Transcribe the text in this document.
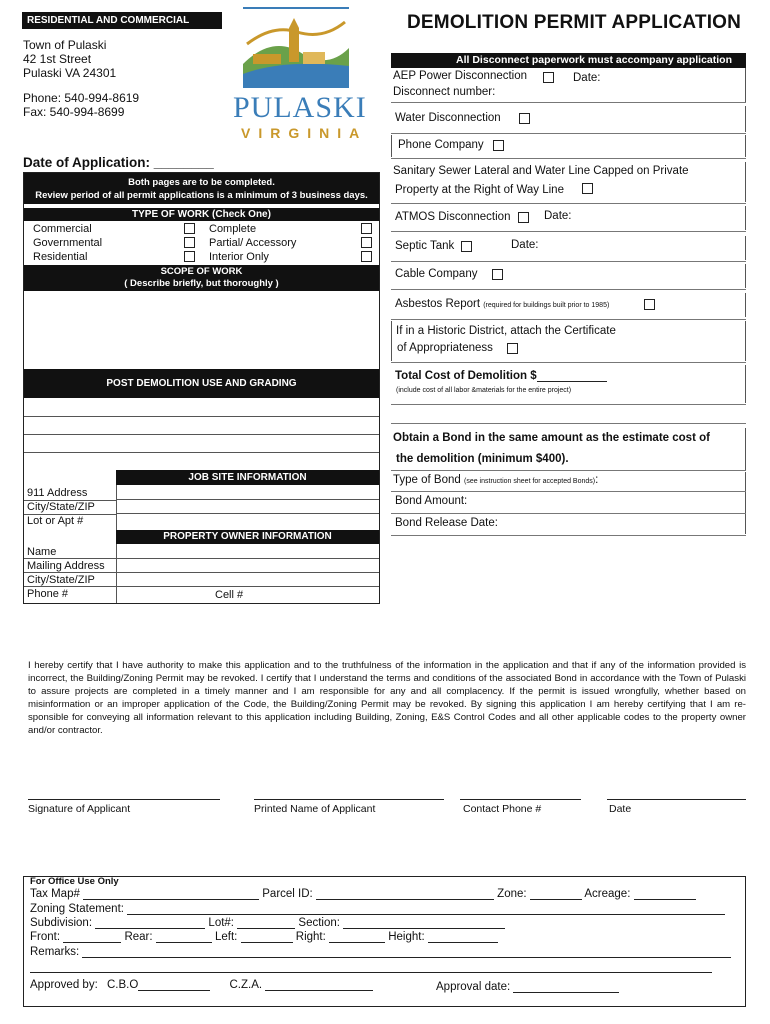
RESIDENTIAL AND COMMERCIAL
Town of Pulaski
42 1st Street
Pulaski VA 24301
Phone: 540-994-8619
Fax: 540-994-8699	PULASKI
VIRGINIA
DEMOLITION PERMIT APPLICATION
Date of Application: ________
Both pages are to be completed.
Review period of all permit applications is a minimum of 3 business days.
TYPE OF WORK (Check One)
Commercial
Governmental
Residential
Complete
Partial/ Accessory
Interior Only
SCOPE OF WORK
( Describe briefly, but thoroughly )
POST DEMOLITION USE AND GRADING
JOB SITE INFORMATION
911 Address
City/State/ZIP
Lot or Apt #
PROPERTY OWNER INFORMATION
Name
Mailing Address
City/State/ZIP
Phone #	Cell #
All Disconnect paperwork must accompany application
AEP Power Disconnection	Date:
Disconnect number:
Water Disconnection
Phone Company
Sanitary Sewer Lateral and Water Line Capped on Private
Property at the Right of Way Line
ATMOS Disconnection	Date:
Septic Tank	Date:
Cable Company
Asbestos Report (required for buildings built prior to 1985)
If in a Historic District, attach the Certificate
of Appropriateness
Total Cost of Demolition $
(include cost of all labor &materials for the entire project)
Obtain a Bond in the same amount as the estimate cost of
the demolition (minimum $400).
Type of Bond (see instruction sheet for accepted Bonds):
Bond Amount:
Bond Release Date:
I hereby certify that I have authority to make this application and to the truthfulness of the information in the application and that if any of the information provided is incorrect, the Building/Zoning Permit may be revoked. I certify that I understand the terms and conditions of the associated Bond in accordance with the Town of Pulaski to assure projects are completed in a timely manner and I am responsible for any and all complacency. If the permit is issued wrongfully, whether based on misinformation or an improper application of the Code, the Building/Zoning Permit may be revoked. By signing this application I am hereby certifying that I am re-sponsible for conveying all information relevant to this application including Building, Zoning, E&S Control Codes and all other applicable codes to the property owner and/or contractor.
Signature of Applicant	Printed Name of Applicant	Contact Phone #	Date
For Office Use Only
Tax Map#	Parcel ID:	Zone:	Acreage:
Zoning Statement:
Subdivision:	Lot#:	Section:
Front:	Rear:	Left:	Right:	Height:
Remarks:
Approved by: C.B.O	C.Z.A.	Approval date:
